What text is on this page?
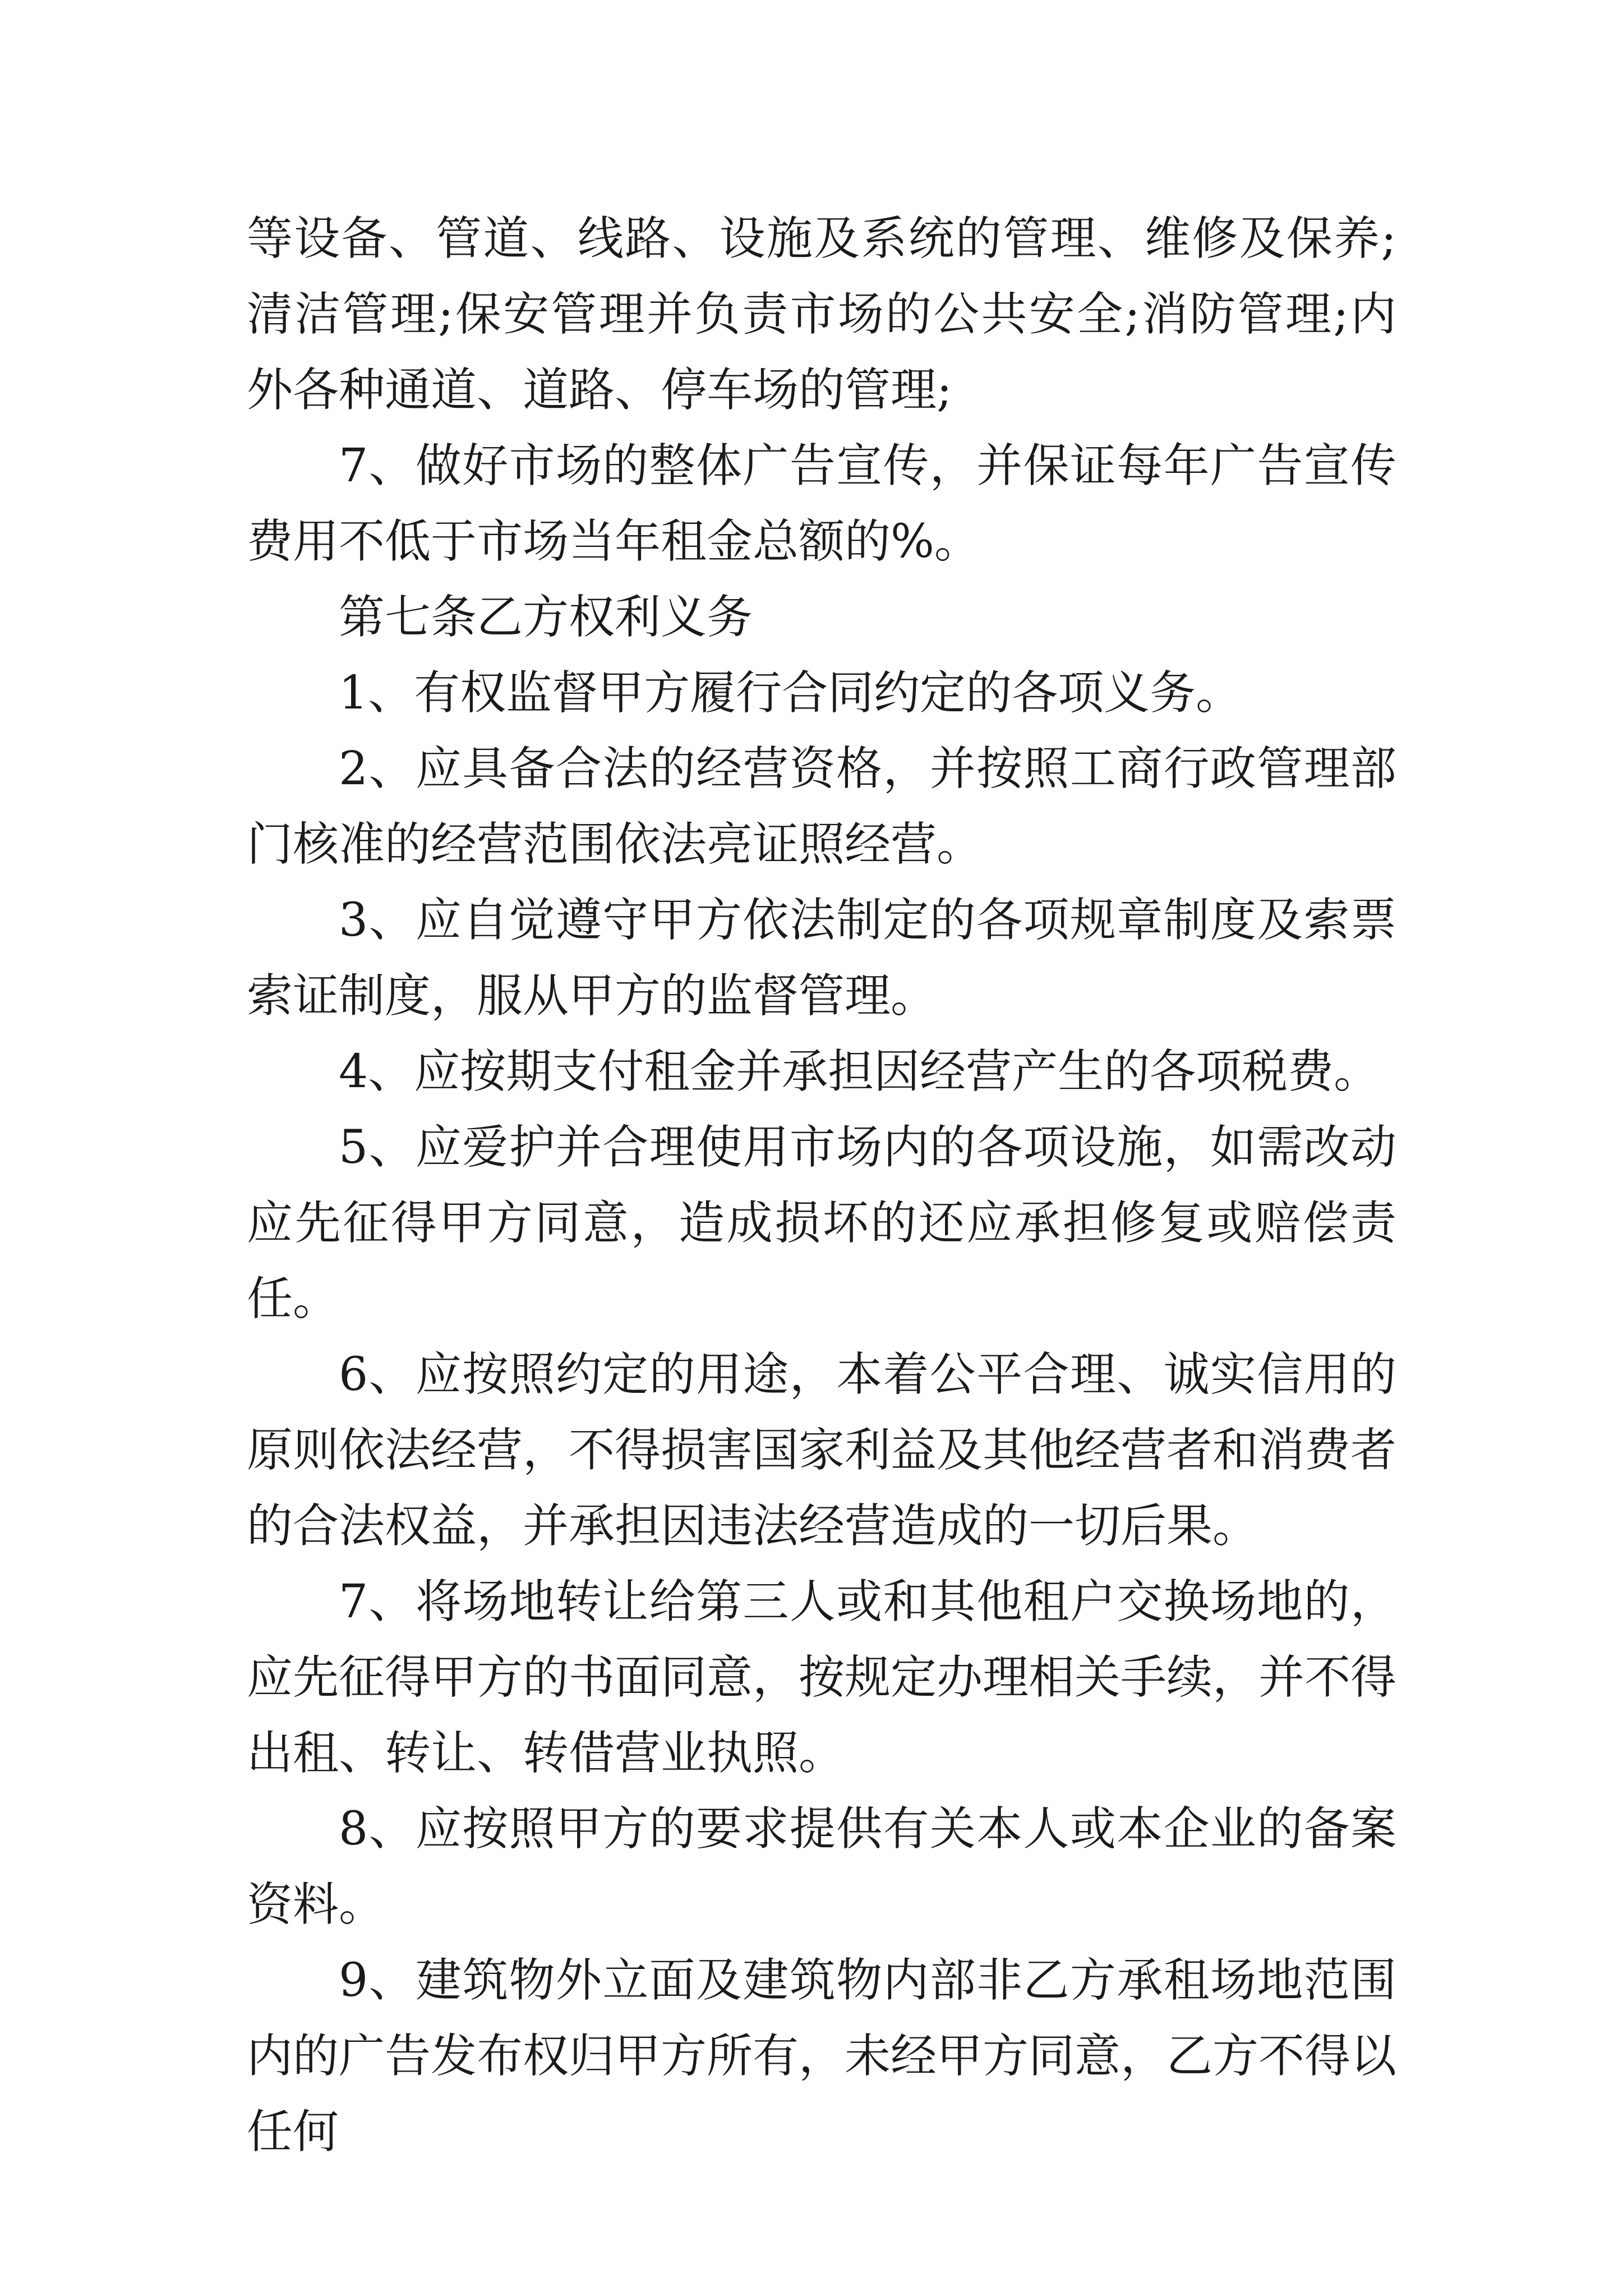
等设备、管道、线路、设施及系统的管理、维修及保养;清洁管理;保安管理并负责市场的公共安全;消防管理;内外各种通道、道路、停车场的管理;

7、做好市场的整体广告宣传，并保证每年广告宣传费用不低于市场当年租金总额的%。

第七条乙方权利义务

1、有权监督甲方履行合同约定的各项义务。

2、应具备合法的经营资格，并按照工商行政管理部门核准的经营范围依法亮证照经营。

3、应自觉遵守甲方依法制定的各项规章制度及索票索证制度，服从甲方的监督管理。

4、应按期支付租金并承担因经营产生的各项税费。

5、应爱护并合理使用市场内的各项设施，如需改动应先征得甲方同意，造成损坏的还应承担修复或赔偿责任。

6、应按照约定的用途，本着公平合理、诚实信用的原则依法经营，不得损害国家利益及其他经营者和消费者的合法权益，并承担因违法经营造成的一切后果。

7、将场地转让给第三人或和其他租户交换场地的，应先征得甲方的书面同意，按规定办理相关手续，并不得出租、转让、转借营业执照。

8、应按照甲方的要求提供有关本人或本企业的备案资料。

9、建筑物外立面及建筑物内部非乙方承租场地范围内的广告发布权归甲方所有，未经甲方同意，乙方不得以任何
